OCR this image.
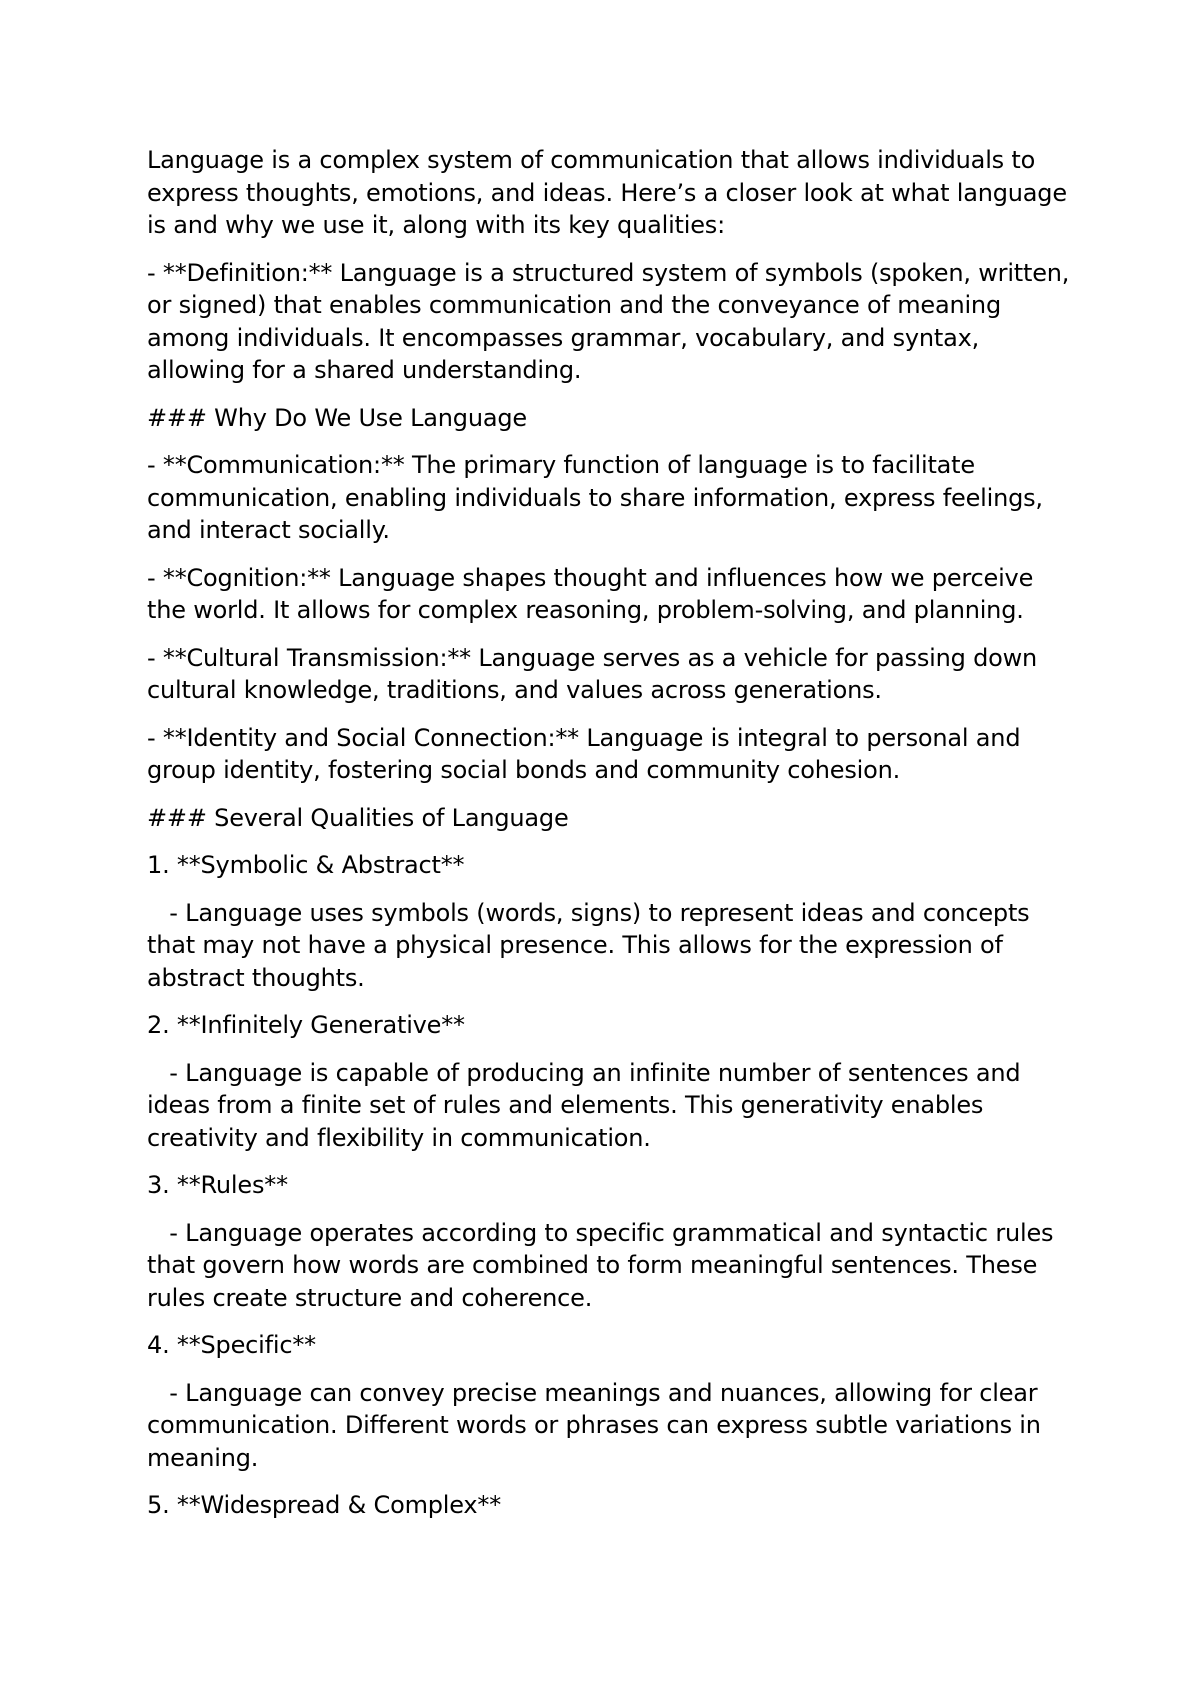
Language is a complex system of communication that allows individuals to express thoughts, emotions, and ideas. Here’s a closer look at what language is and why we use it, along with its key qualities:

- **Definition:** Language is a structured system of symbols (spoken, written, or signed) that enables communication and the conveyance of meaning among individuals. It encompasses grammar, vocabulary, and syntax, allowing for a shared understanding.

### Why Do We Use Language

- **Communication:** The primary function of language is to facilitate communication, enabling individuals to share information, express feelings, and interact socially.

- **Cognition:** Language shapes thought and influences how we perceive the world. It allows for complex reasoning, problem-solving, and planning.

- **Cultural Transmission:** Language serves as a vehicle for passing down cultural knowledge, traditions, and values across generations.

- **Identity and Social Connection:** Language is integral to personal and group identity, fostering social bonds and community cohesion.

### Several Qualities of Language

1. **Symbolic & Abstract**

- Language uses symbols (words, signs) to represent ideas and concepts that may not have a physical presence. This allows for the expression of abstract thoughts.

2. **Infinitely Generative**

- Language is capable of producing an infinite number of sentences and ideas from a finite set of rules and elements. This generativity enables creativity and flexibility in communication.

3. **Rules**

- Language operates according to specific grammatical and syntactic rules that govern how words are combined to form meaningful sentences. These rules create structure and coherence.

4. **Specific**

- Language can convey precise meanings and nuances, allowing for clear communication. Different words or phrases can express subtle variations in meaning.

5. **Widespread & Complex**
